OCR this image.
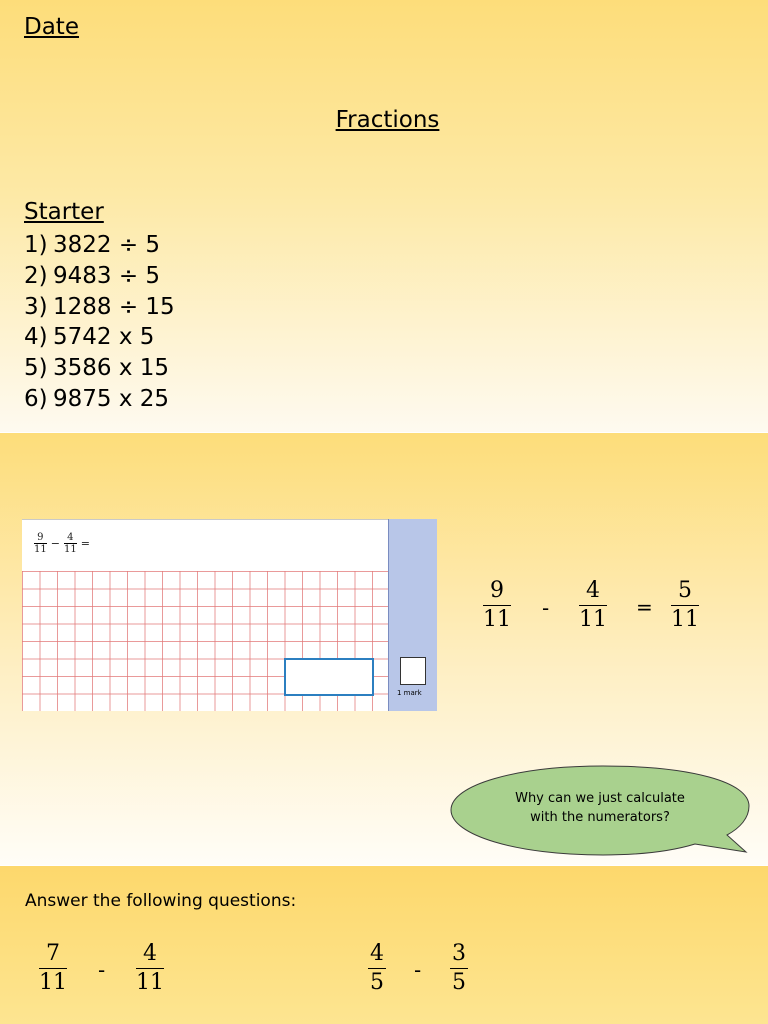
Date
Fractions
Starter
1) 3822 ÷ 5
2) 9483 ÷ 5
3) 1288 ÷ 15
4) 5742 x 5
5) 3586 x 15
6) 9875 x 25
9
11 − 4
11 =
1 mark
9
11 -
4
11 =
5
11
Why can we just calculate
with the numerators?
Answer the following questions:
7
11 -
4
11
4
5 -
3
5
